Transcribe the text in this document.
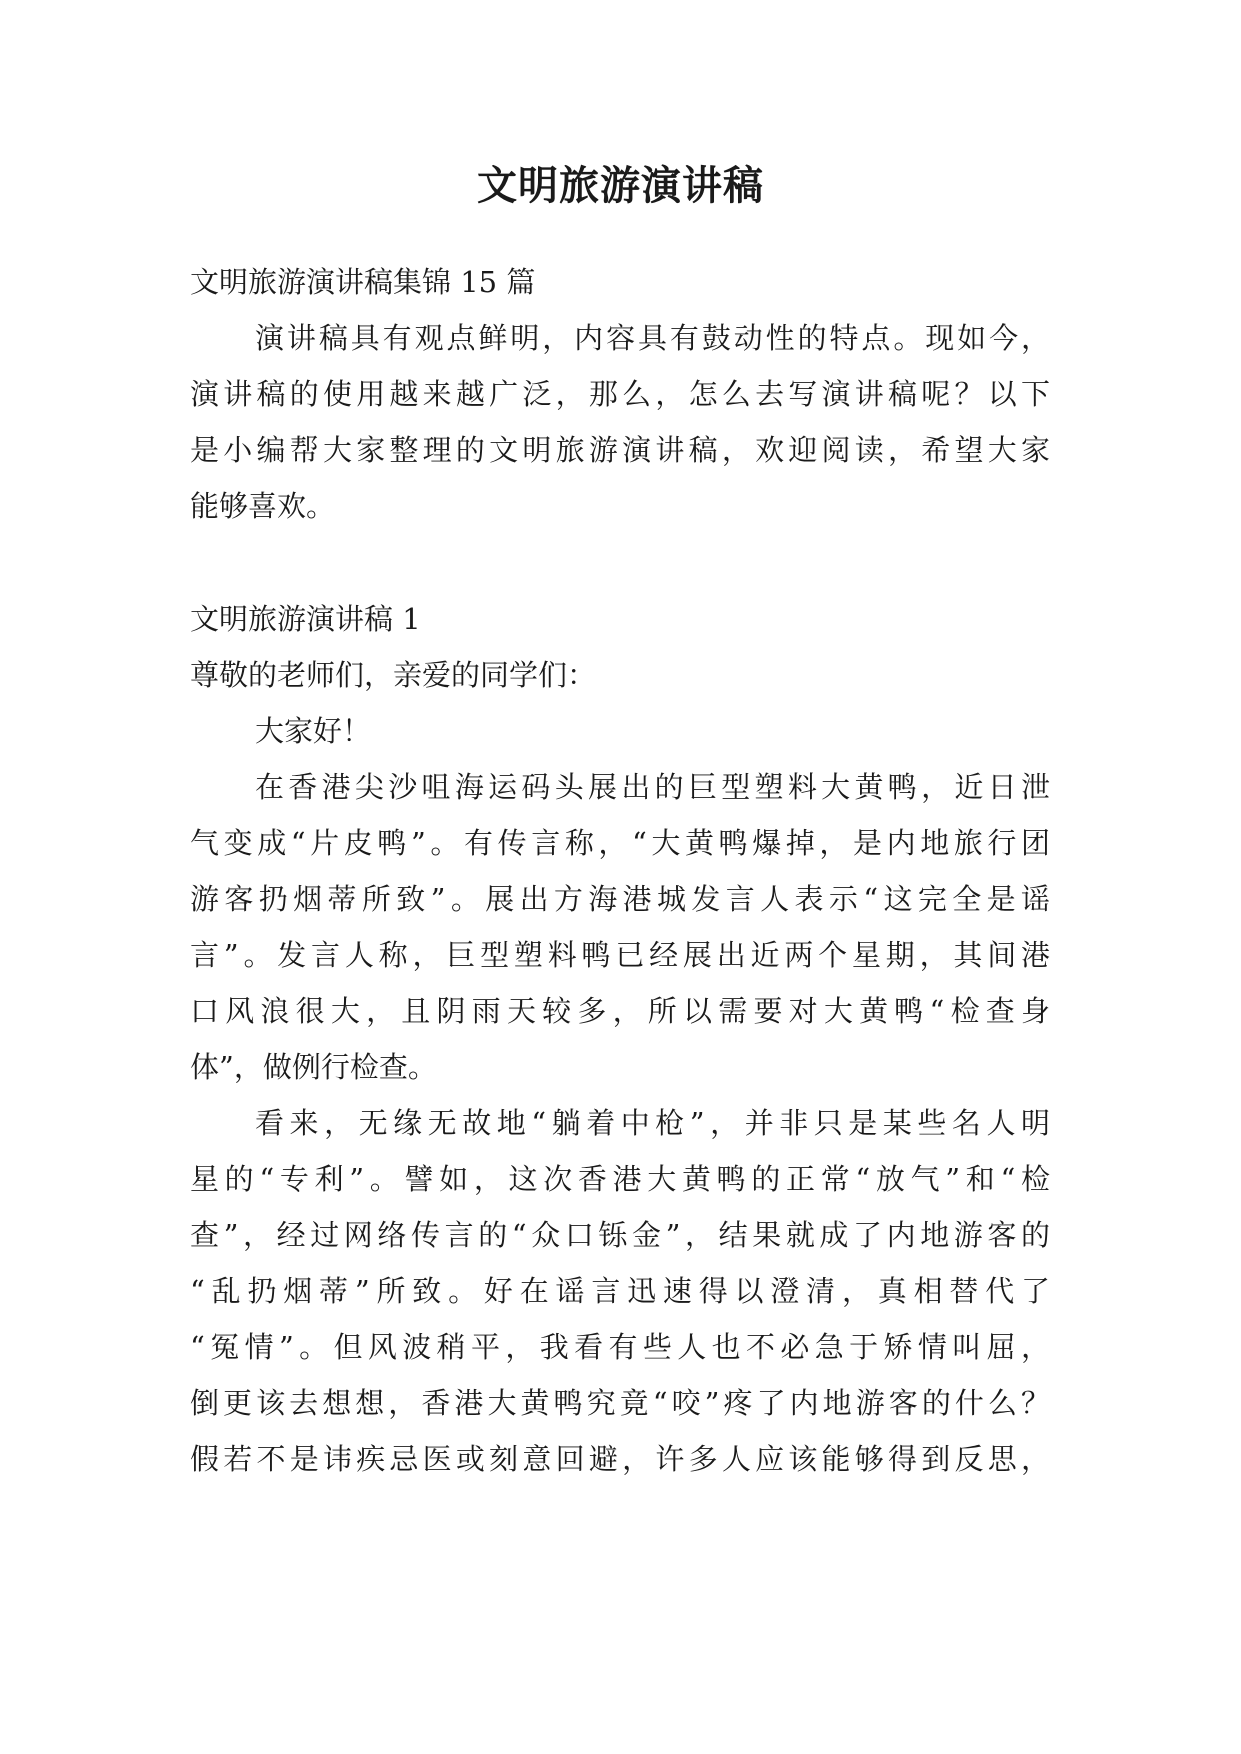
文明旅游演讲稿
文明旅游演讲稿集锦 15 篇
演讲稿具有观点鲜明，内容具有鼓动性的特点。现如今，
演讲稿的使用越来越广泛，那么，怎么去写演讲稿呢？以下
是小编帮大家整理的文明旅游演讲稿，欢迎阅读，希望大家
能够喜欢。
文明旅游演讲稿 1
尊敬的老师们，亲爱的同学们：
大家好！
在香港尖沙咀海运码头展出的巨型塑料大黄鸭，近日泄
气变成“片皮鸭”。有传言称，“大黄鸭爆掉，是内地旅行团
游客扔烟蒂所致”。展出方海港城发言人表示“这完全是谣
言”。发言人称，巨型塑料鸭已经展出近两个星期，其间港
口风浪很大，且阴雨天较多，所以需要对大黄鸭“检查身
体”，做例行检查。
看来，无缘无故地“躺着中枪”，并非只是某些名人明
星的“专利”。譬如，这次香港大黄鸭的正常“放气”和“检
查”，经过网络传言的“众口铄金”，结果就成了内地游客的
“乱扔烟蒂”所致。好在谣言迅速得以澄清，真相替代了
“冤情”。但风波稍平，我看有些人也不必急于矫情叫屈，
倒更该去想想，香港大黄鸭究竟“咬”疼了内地游客的什么？
假若不是讳疾忌医或刻意回避，许多人应该能够得到反思，
